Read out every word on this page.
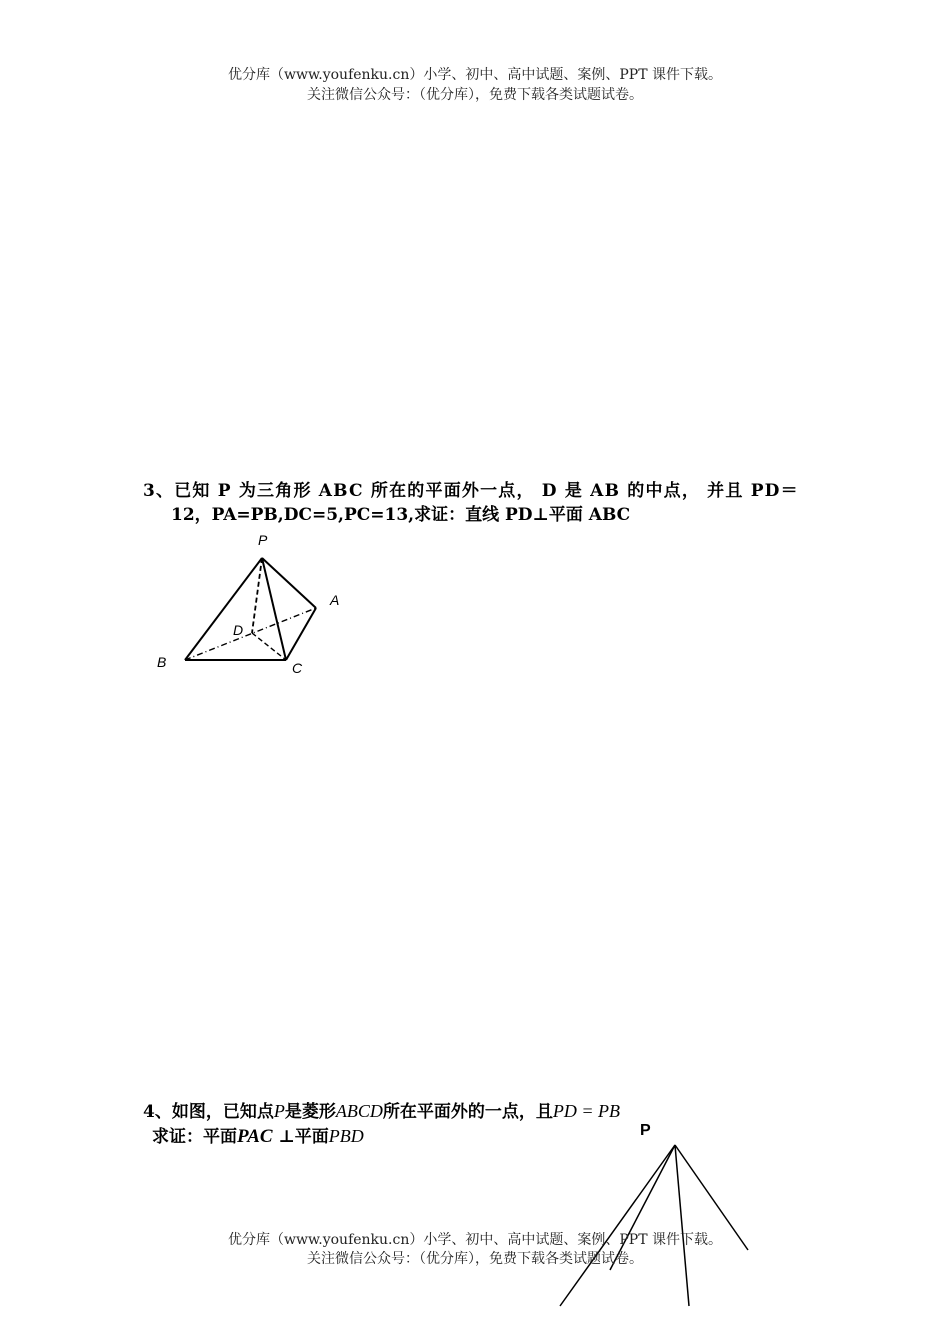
优分库（www.youfenku.cn）小学、初中、高中试题、案例、PPT 课件下载。
关注微信公众号：（优分库），免费下载各类试题试卷。
3、已知 P 为三角形 ABC 所在的平面外一点， D 是 AB 的中点， 并且 PD＝
12，PA=PB,DC=5,PC=13,求证：直线 PD⊥平面 ABC
P
A
B	C
D
4、如图，已知点P是菱形ABCD所在平面外的一点，且PD = PB
求证：平面PAC ⊥平面PBD	P
优分库（www.youfenku.cn）小学、初中、高中试题、案例、PPT 课件下载。
关注微信公众号：（优分库），免费下载各类试题试卷。
